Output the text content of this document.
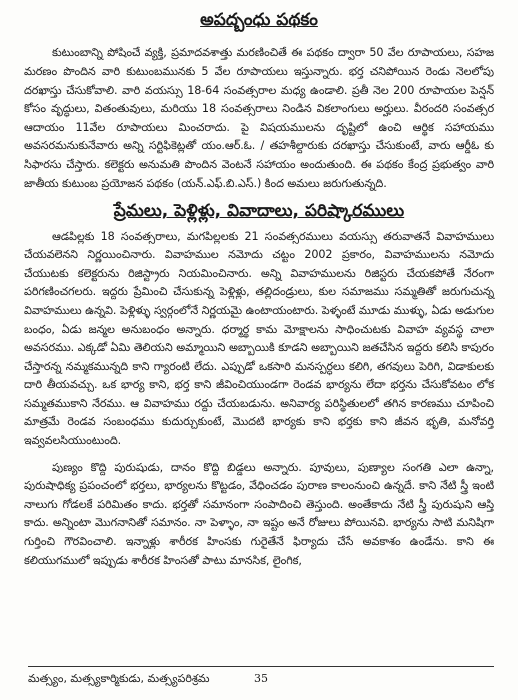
అపద్బంధు పథకం

కుటుంబాన్ని పోషించే వ్యక్తి, ప్రమాదవశాత్తు మరణించితే ఈ పథకం ద్వారా 50 వేల రూపాయలు, సహజ మరణం పొందిన వారి కుటుంబమునకు 5 వేల రూపాయలు ఇస్తున్నారు. భర్త చనిపోయిన రెండు నెలలోపు దరఖాస్తు చేసుకోవాలి. వారి వయస్సు 18-64 సంవత్సరాల మధ్య ఉండాలి. ప్రతీ నెల 200 రూపాయల పెన్షన్ కోసం వృద్ధులు, వితంతువులు, మరియు 18 సంవత్సరాలు నిండిన వికలాంగులు అర్హులు. వీరందరి సంవత్సర ఆదాయం 11వేల రూపాయలు మించరాదు. పై విషయములను దృష్టిలో ఉంచి ఆర్థిక సహాయము అవసరమనుకునేవారు అన్ని సర్టిఫికెట్లతో యం.ఆర్.ఓ. / తహశీల్దారుకు దరఖాస్తు చేసుకుంటే, వారు ఆర్డీఓ కు సిఫారసు చేస్తారు. కలెక్టరు అనుమతి పొందిన వెంటనే సహాయం అందుతుంది. ఈ పథకం కేంద్ర ప్రభుత్వం వారి జాతీయ కుటుంబ ప్రయోజన పథకం (యన్.ఎఫ్.బి.ఎస్.) కింద అమలు జరుగుతున్నది.

ప్రేమలు, పెళ్లిళ్లు, వివాదాలు, పరిష్కారములు

ఆడపిల్లకు 18 సంవత్సరాలు, మగపిల్లలకు 21 సంవత్సరములు వయస్సు తరువాతనే వివాహములు చేయవలెనని నిర్ణయించినారు. వివాహముల నమోదు చట్టం 2002 ప్రకారం, వివాహములను నమోదు చేయుటకు కలెక్టరును రిజిస్ట్రారు నియమించినారు. అన్ని వివాహములను రిజిస్టరు చేయకపోతే నేరంగా పరిగణించగలరు. ఇద్దరు ప్రేమించి చేసుకున్న పెళ్లిళ్లు, తల్లిదండ్రులు, కుల సమాజము సమ్మతితో జరుగుచున్న వివాహములు ఉన్నవి. పెళ్లిళ్ళు స్వర్గంలోనే నిర్ణయమై ఉంటాయంటారు. పెళ్ళంటే మూడు ముళ్ళు, ఏడు అడుగుల బంధం, ఏడు జన్మల అనుబంధం అన్నారు. ధర్మార్థ కామ మోక్షాలను సాధించుటకు వివాహ వ్యవస్థ చాలా అవసరము. ఎక్కడో ఏమి తెలియని అమ్మాయిని అబ్బాయికి కూడని అబ్బాయిని జతచేసిన ఇద్దరు కలిసి కాపురం చేస్తారన్న నమ్మకమున్నది కాని గ్యారంటి లేదు. ఎప్పుడో ఒకసారి మనస్పర్ధలు కలిగి, తగవులు పెరిగి, విడాకులకు దారి తీయవచ్చు. ఒక భార్య కాని, భర్త కాని జీవించియుండగా రెండవ భార్యను లేదా భర్తను చేసుకోవటం లోక సమ్మతముకాని నేరము. ఆ వివాహము రద్దు చేయబడును. అనివార్య పరిస్థితులలో తగిన కారణము చూపించి మాత్రమే రెండవ సంబంధము కుదుర్చుకుంటే, మొదటి భార్యకు కాని భర్తకు కాని జీవన భృతి, మనోవర్తి ఇవ్వవలసియుంటుంది.

పుణ్యం కొద్ది పురుషుడు, దానం కొద్ది బిడ్డలు అన్నారు. పూవులు, పుణ్యాల సంగతి ఎలా ఉన్నా, పురుషాధిక్య ప్రపంచంలో భర్తలు, భార్యలను కొట్టడం, వేధించడం పురాణ కాలంనుంచి ఉన్నదే. కాని నేటి స్త్రీ ఇంటి నాలుగు గోడలకే పరిమితం కాదు. భర్తతో సమానంగా సంపాదించి తెస్తుంది. అంతేకాదు నేటి స్త్రీ పురుషుని ఆస్తి కాదు. అన్నింటా మొగనానితో సమానం. నా పెళ్ళాం, నా ఇష్టం అనే రోజులు పోయినవి. భార్యను సాటి మనిషిగా గుర్తించి గౌరవించాలి. ఇన్నాళ్లు శారీరక హింసకు గురైతేనే ఫిర్యాదు చేసే అవకాశం ఉండేను. కాని ఈ కలియుగములో ఇప్పుడు శారీరక హింసతో పాటు మానసిక, లైంగిక,

మత్స్యం, మత్స్యకార్మికుడు, మత్స్యపరిశ్రమ	35
